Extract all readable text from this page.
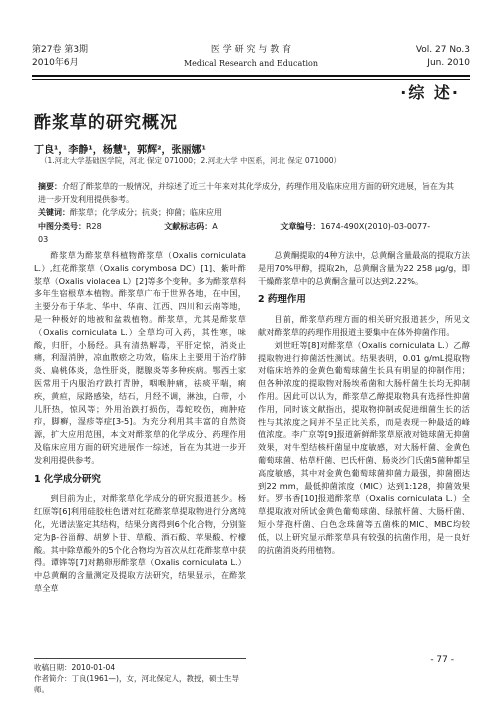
第27卷 第3期
2010年6月
医 学 研 究 与 教 育
Medical Research and Education
Vol. 27 No.3
Jun. 2010
·综 述·
酢浆草的研究概况
丁良¹，李静¹，杨慧¹，郭辉²，张丽娜¹
（1.河北大学基础医学院，河北 保定 071000；2.河北大学 中医系，河北 保定 071000）
摘要：介绍了酢浆草的一般情况，并综述了近三十年来对其化学成分，药理作用及临床应用方面的研究进展，旨在为其进一步开发利用提供参考。
关键词：酢浆草；化学成分；抗炎；抑菌；临床应用
中图分类号：R28	文献标志码：A	文章编号：1674-490X(2010)-03-0077-03

酢浆草为酢浆草科植物酢浆草（Oxalis corniculata L.）,红花酢浆草（Oxalis corymbosa DC）[1]、紫叶酢浆草（Oxalis violacea L）[2]等多个变种。多为酢浆草科多年生宿根草本植物。酢浆草广布于世界各地，在中国，主要分布于华北、华中、华南、江西、四川和云南等地，是一种极好的地被和盆栽植物。酢浆草，尤其是酢浆草（Oxalis corniculata L.）全草均可入药，其性寒，味酸，归肝，小肠经。具有清热解毒，平肝定惊，消炎止痛，利湿消肿，凉血散瘀之功效，临床上主要用于治疗肺炎、扁桃体炎，急性肝炎，腮腺炎等多种疾病。鄂西土家医常用于内服治疗跌打青肿，咽喉肿痛，祛痰平喘，痢疾，黄疸，尿路感染，结石，月经不调，淋浊，白带，小儿肝热，惊风等；外用治跌打损伤，毒蛇咬伤，痈肿疮疖，脚癣，湿疹等症[3-5]。为充分利用其丰富的自然资源，扩大应用范围，本文对酢浆草的化学成分、药理作用及临床应用方面的研究进展作一综述，旨在为其进一步开发利用提供参考。

1 化学成分研究

到目前为止，对酢浆草化学成分的研究报道甚少。杨红原等[6]利用硅胶柱色谱对红花酢浆草提取物进行分离纯化，光谱法鉴定其结构，结果分离得到6个化合物，分别鉴定为β-谷甾醇、胡萝卜苷、草酸、酒石酸、苹果酸、柠檬酸。其中除草酸外的5个化合物均为首次从红花酢浆草中获得。谭铧等[7]对鹅卵形酢浆草（Oxalis corniculata L.）中总黄酮的含量测定及提取方法研究，结果显示，在酢浆草全草

收稿日期：2010-01-04
作者简介：丁良(1961—)，女，河北保定人，教授，硕士生导师。

总黄酮提取的4种方法中，总黄酮含量最高的提取方法是用70%甲醇，提取2h，总黄酮含量为22 258 μg/g，即干燥酢浆草中的总黄酮含量可以达到2.22%。

2 药理作用

目前，酢浆草药理方面的相关研究报道甚少，所见文献对酢浆草的药理作用报道主要集中在体外抑菌作用。

刘世旺等[8]对酢浆草（Oxalis corniculata L.）乙醇提取物进行抑菌活性测试。结果表明，0.01 g/mL提取物对临床培养的金黄色葡萄球菌生长具有明显的抑制作用；但各种浓度的提取物对肠埃希菌和大肠杆菌生长均无抑制作用。因此可以认为，酢浆草乙醇提取物具有选择性抑菌作用，同时该文献指出，提取物抑制或促进细菌生长的活性与其浓度之间并不呈正比关系，而是表现一种最适的峰值浓度。李广京等[9]报道新鲜酢浆草原液对链球菌无抑菌效果，对牛型结核杆菌显中度敏感，对大肠杆菌、金黄色葡萄球菌、枯草杆菌、巴氏杆菌、肠炎沙门氏菌5菌种都呈高度敏感，其中对金黄色葡萄球菌抑菌力最强，抑菌圈达到22 mm，最低抑菌浓度（MIC）达到1:128，抑菌效果好。罗书香[10]报道酢浆草（Oxalis corniculata L.）全草提取液对所试金黄色葡萄球菌、绿脓杆菌、大肠杆菌、短小芽孢杆菌、白色念珠菌等五菌株的MIC、MBC均较低，以上研究显示酢浆草具有较强的抗菌作用，是一良好的抗菌消炎药用植物。

- 77 -
